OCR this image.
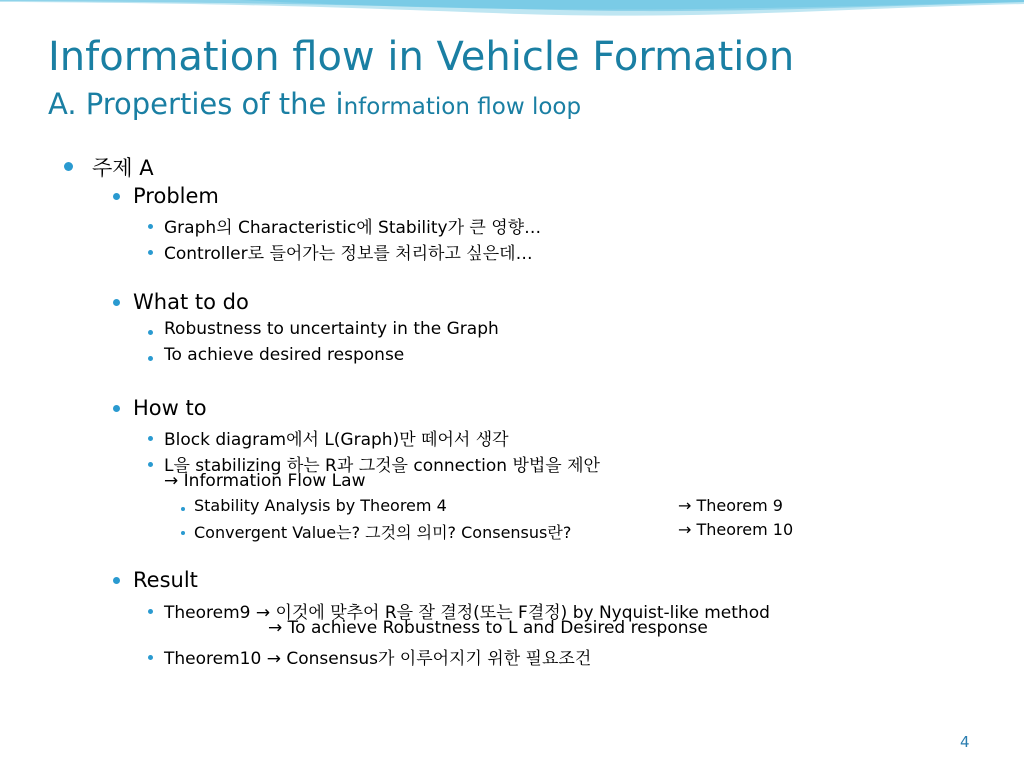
Information flow in Vehicle Formation
A. Properties of the information flow loop
주제 A
Problem
Graph의 Characteristic에 Stability가 큰 영향…
Controller로 들어가는 정보를 처리하고 싶은데…
What to do
Robustness to uncertainty in the Graph
To achieve desired response
How to
Block diagram에서 L(Graph)만 떼어서 생각
L을 stabilizing 하는 R과 그것을 connection 방법을 제안
→ Information Flow Law
Stability Analysis by Theorem 4	→ Theorem 9
Convergent Value는? 그것의 의미? Consensus란?	→ Theorem 10
Result
Theorem9 → 이것에 맞추어 R을 잘 결정(또는 F결정) by Nyquist-like method
→ To achieve Robustness to L and Desired response
Theorem10 → Consensus가 이루어지기 위한 필요조건
4
